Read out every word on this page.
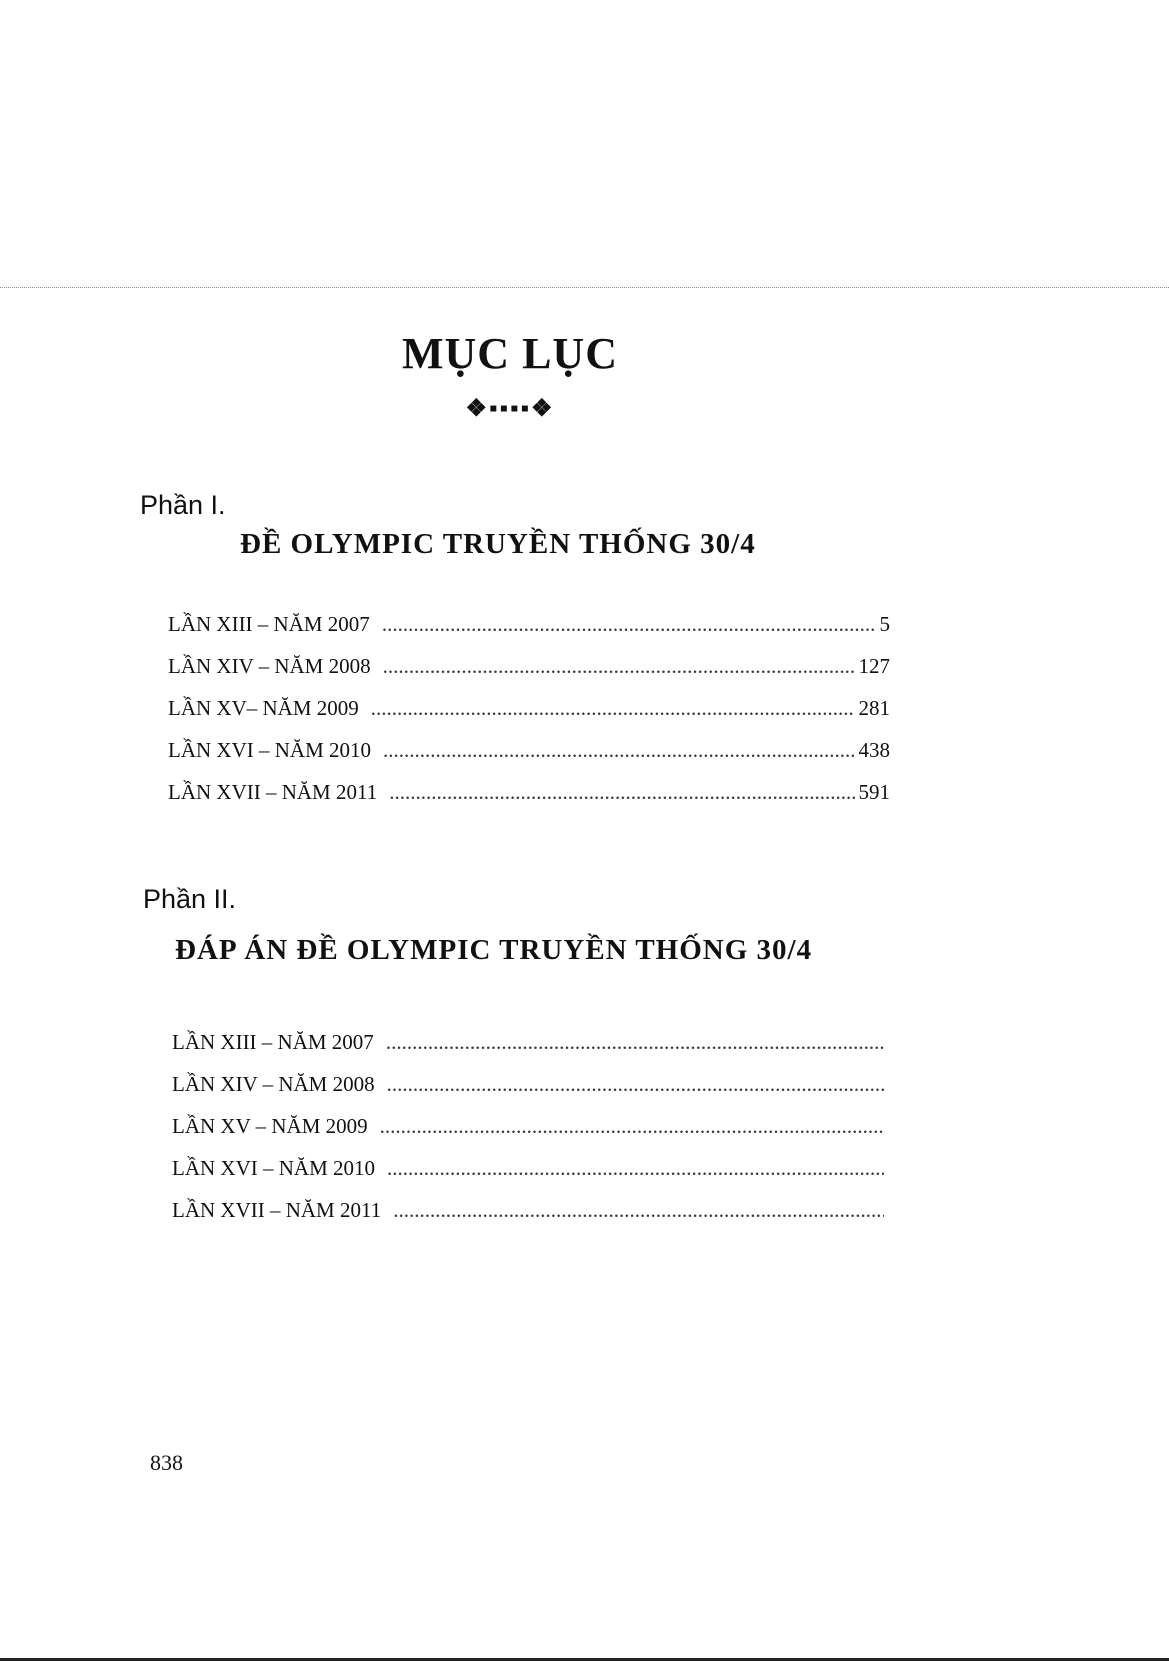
MỤC LỤC
❖▪▪▪▪❖
Phần I.
ĐỀ OLYMPIC TRUYỀN THỐNG 30/4
LẦN XIII – NĂM 2007 .....	5
LẦN XIV – NĂM 2008 .....	127
LẦN XV– NĂM 2009 .....	281
LẦN XVI – NĂM 2010 .....	438
LẦN XVII – NĂM 2011 .....	591
Phần II.
ĐÁP ÁN ĐỀ OLYMPIC TRUYỀN THỐNG 30/4
LẦN XIII – NĂM 2007
.....
LẦN XIV – NĂM 2008
.....
LẦN XV – NĂM 2009
.....
LẦN XVI – NĂM 2010
.....
LẦN XVII – NĂM 2011
.....
838
